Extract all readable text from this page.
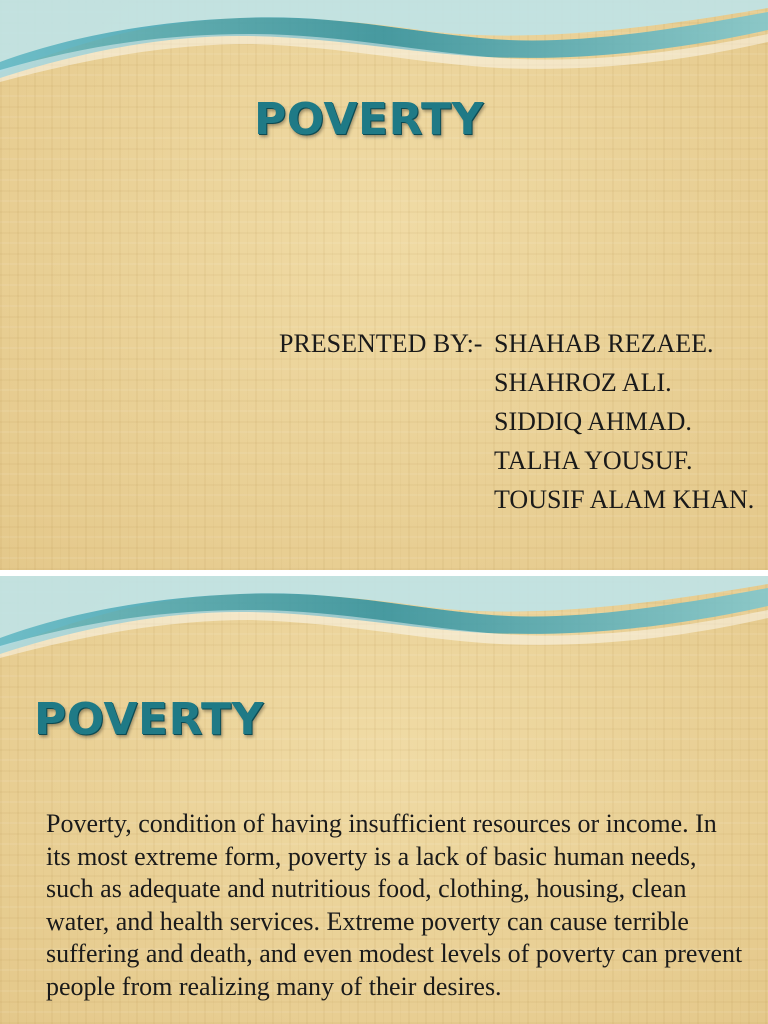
POVERTY
PRESENTED BY:- SHAHAB REZAEE.
SHAHROZ ALI.
SIDDIQ AHMAD.
TALHA YOUSUF.
TOUSIF ALAM KHAN.
POVERTY
Poverty, condition of having insufficient resources or income. In its most extreme form, poverty is a lack of basic human needs, such as adequate and nutritious food, clothing, housing, clean water, and health services. Extreme poverty can cause terrible suffering and death, and even modest levels of poverty can prevent people from realizing many of their desires.
